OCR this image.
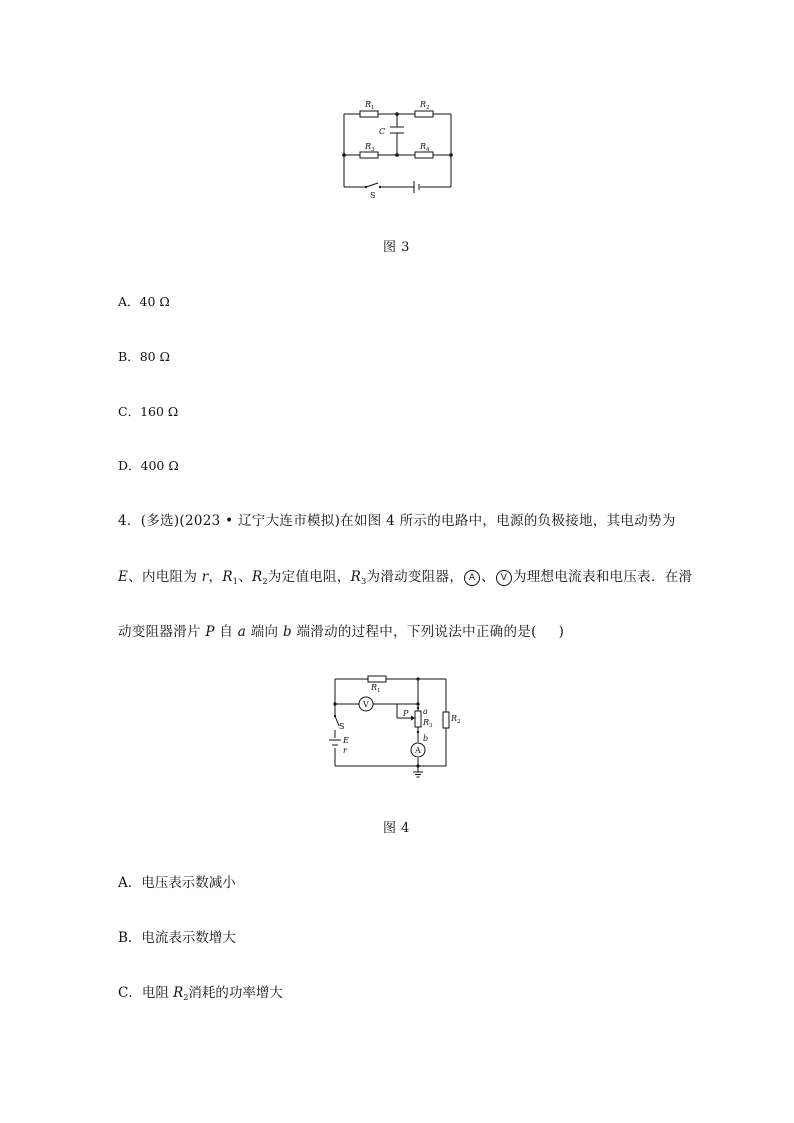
$R_1$	$R_2$
$R_3$	$R_4$
C
S
图 3
A．40 Ω
B．80 Ω
C．160 Ω
D．400 Ω
4．(多选)(2023 • 辽宁大连市模拟)在如图 4 所示的电路中，电源的负极接地，其电动势为
E、内电阻为 r，$R_1$、$R_2$为定值电阻，$R_3$为滑动变阻器， A 、 V 为理想电流表和电压表．在滑
动变阻器滑片 P 自 a 端向 b 端滑动的过程中，下列说法中正确的是( )
V
A
$R_1$
$R_3$
$R_2$
P a
b
E
r
S
图 4
A．电压表示数减小
B．电流表示数增大
C．电阻 $R_2$消耗的功率增大
